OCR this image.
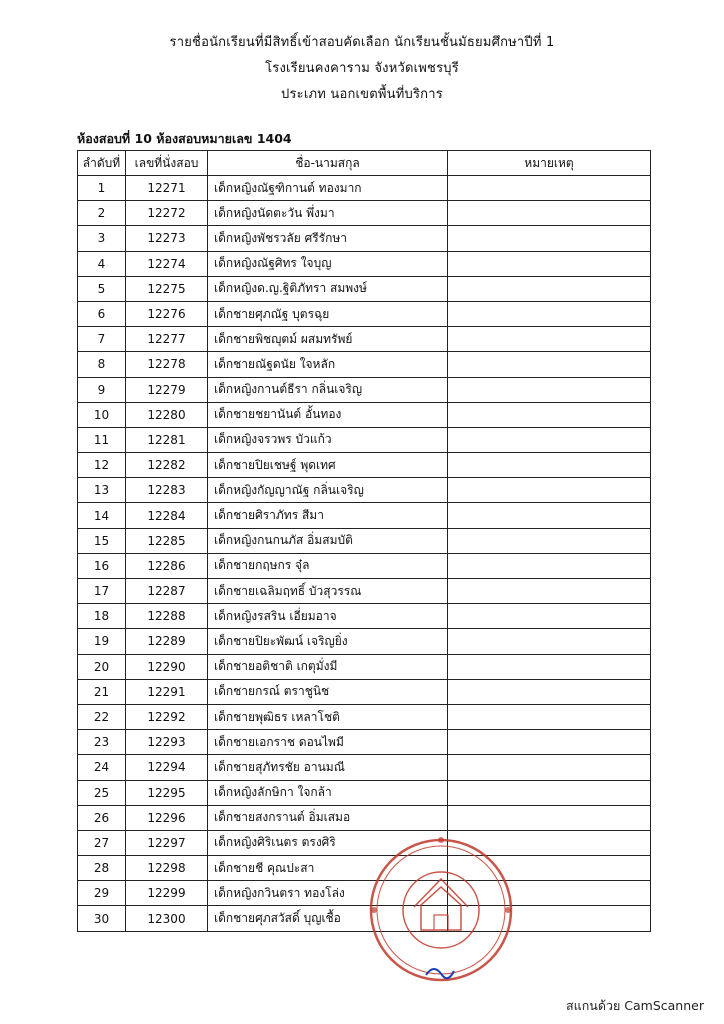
รายชื่อนักเรียนที่มีสิทธิ์เข้าสอบคัดเลือก นักเรียนชั้นมัธยมศึกษาปีที่ 1
โรงเรียนคงคาราม จังหวัดเพชรบุรี
ประเภท นอกเขตพื้นที่บริการ
ห้องสอบที่ 10 ห้องสอบหมายเลข 1404
ลำดับที่	เลขที่นั่งสอบ	ชื่อ-นามสกุล	หมายเหตุ
1	12271	เด็กหญิงณัฐฑิกานต์ ทองมาก	
2	12272	เด็กหญิงนัดตะวัน พึ่งมา	
3	12273	เด็กหญิงพัชรวลัย ศรีรักษา	
4	12274	เด็กหญิงณัฐศิทร ใจบุญ	
5	12275	เด็กหญิงด.ญ.ฐิติภัทรา สมพงษ์	
6	12276	เด็กชายศุภณัฐ บุตรฉุย	
7	12277	เด็กชายพิชญุตม์ ผสมทรัพย์	
8	12278	เด็กชายณัฐดนัย ใจหลัก	
9	12279	เด็กหญิงกานต์ธีรา กลิ่นเจริญ	
10	12280	เด็กชายชยานันต์ อั้นทอง	
11	12281	เด็กหญิงจรวพร บัวแก้ว	
12	12282	เด็กชายปิยเชษฐ์ พุดเทศ	
13	12283	เด็กหญิงกัญญาณัฐ กลิ่นเจริญ	
14	12284	เด็กชายศิราภัทร สีมา	
15	12285	เด็กหญิงกนกนภัส อิ่มสมบัติ	
16	12286	เด็กชายกฤษกร จุ๋ล	
17	12287	เด็กชายเฉลิมฤทธิ์ บัวสุวรรณ	
18	12288	เด็กหญิงรสริน เอี่ยมอาจ	
19	12289	เด็กชายปิยะพัฒน์ เจริญยิ่ง	
20	12290	เด็กชายอติชาติ เกตุมั่งมี	
21	12291	เด็กชายกรณ์ ตราชูนิช	
22	12292	เด็กชายพุฒิธร เหลาโชติ	
23	12293	เด็กชายเอกราช ดอนไพมี	
24	12294	เด็กชายสุภัทรชัย อานมณี	
25	12295	เด็กหญิงลักษิกา ใจกล้า	
26	12296	เด็กชายสงกรานต์ อิ่มเสมอ	
27	12297	เด็กหญิงศิริเนตร ตรงศิริ	
28	12298	เด็กชายชี คุณปะสา	
29	12299	เด็กหญิงกวินตรา ทองโล่ง	
30	12300	เด็กชายศุภสวัสดิ์ บุญเชื้อ	
สแกนด้วย CamScanner
